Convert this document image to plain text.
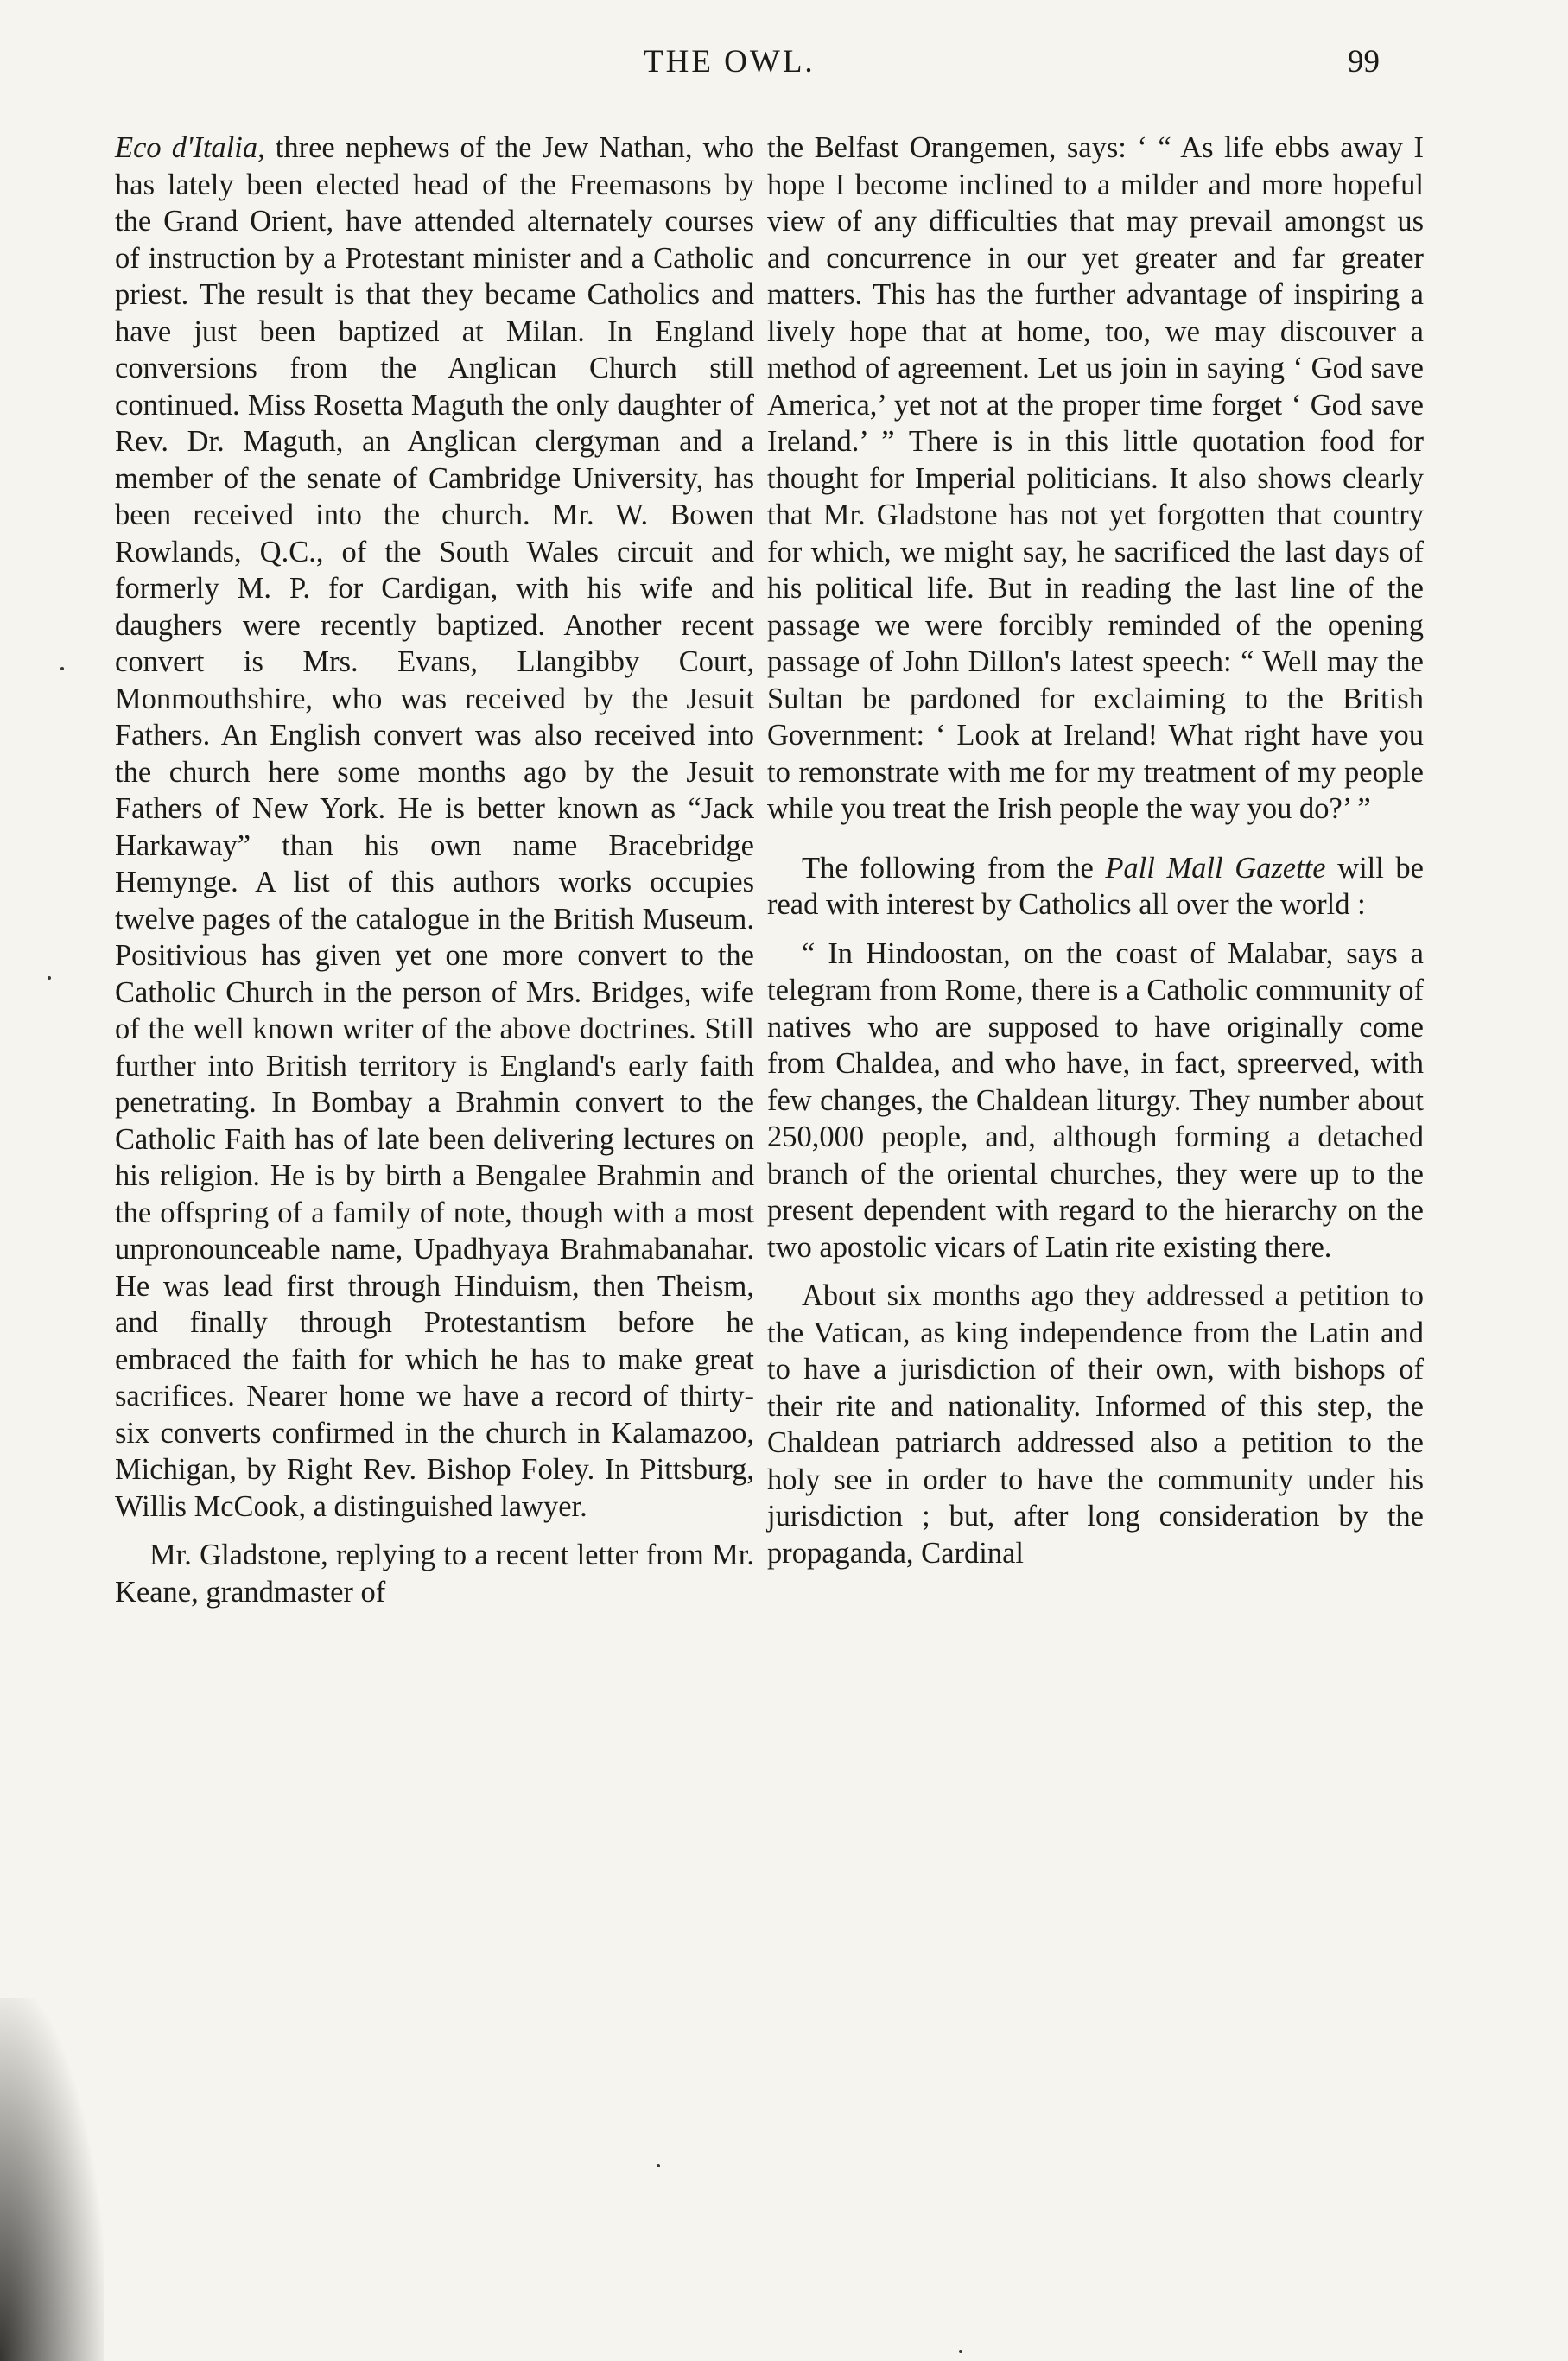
THE OWL.	99

Eco d'Italia, three nephews of the Jew Nathan, who has lately been elected head of the Freemasons by the Grand Orient, have attended alternately courses of instruction by a Protestant minister and a Catholic priest. The result is that they became Catholics and have just been baptized at Milan. In England conversions from the Anglican Church still continued. Miss Rosetta Maguth the only daughter of Rev. Dr. Maguth, an Anglican clergyman and a member of the senate of Cambridge University, has been received into the church. Mr. W. Bowen Rowlands, Q.C., of the South Wales circuit and formerly M. P. for Cardigan, with his wife and daughers were recently baptized. Another recent convert is Mrs. Evans, Llangibby Court, Monmouthshire, who was received by the Jesuit Fathers. An English convert was also received into the church here some months ago by the Jesuit Fathers of New York. He is better known as “Jack Harkaway” than his own name Bracebridge Hemynge. A list of this authors works occupies twelve pages of the catalogue in the British Museum. Positivious has given yet one more convert to the Catholic Church in the person of Mrs. Bridges, wife of the well known writer of the above doctrines. Still further into British territory is England's early faith penetrating. In Bombay a Brahmin convert to the Catholic Faith has of late been delivering lectures on his religion. He is by birth a Bengalee Brahmin and the offspring of a family of note, though with a most unpronounceable name, Upadhyaya Brahmabanahar. He was lead first through Hinduism, then Theism, and finally through Protestantism before he embraced the faith for which he has to make great sacrifices. Nearer home we have a record of thirty-six converts confirmed in the church in Kalamazoo, Michigan, by Right Rev. Bishop Foley. In Pittsburg, Willis McCook, a distinguished lawyer.

Mr. Gladstone, replying to a recent letter from Mr. Keane, grandmaster of

the Belfast Orangemen, says: ‘ “ As life ebbs away I hope I become inclined to a milder and more hopeful view of any difficulties that may prevail amongst us and concurrence in our yet greater and far greater matters. This has the further advantage of inspiring a lively hope that at home, too, we may discouver a method of agreement. Let us join in saying ‘ God save America,’ yet not at the proper time forget ‘ God save Ireland.’ ” There is in this little quotation food for thought for Imperial politicians. It also shows clearly that Mr. Gladstone has not yet forgotten that country for which, we might say, he sacrificed the last days of his political life. But in reading the last line of the passage we were forcibly reminded of the opening passage of John Dillon's latest speech: “ Well may the Sultan be pardoned for exclaiming to the British Government: ‘ Look at Ireland! What right have you to remonstrate with me for my treatment of my people while you treat the Irish people the way you do?’ ”

The following from the Pall Mall Gazette will be read with interest by Catholics all over the world :

“ In Hindoostan, on the coast of Malabar, says a telegram from Rome, there is a Catholic community of natives who are supposed to have originally come from Chaldea, and who have, in fact, spreerved, with few changes, the Chaldean liturgy. They number about 250,000 people, and, although forming a detached branch of the oriental churches, they were up to the present dependent with regard to the hierarchy on the two apostolic vicars of Latin rite existing there.

About six months ago they addressed a petition to the Vatican, as king independence from the Latin and to have a jurisdiction of their own, with bishops of their rite and nationality. Informed of this step, the Chaldean patriarch addressed also a petition to the holy see in order to have the community under his jurisdiction ; but, after long consideration by the propaganda, Cardinal
